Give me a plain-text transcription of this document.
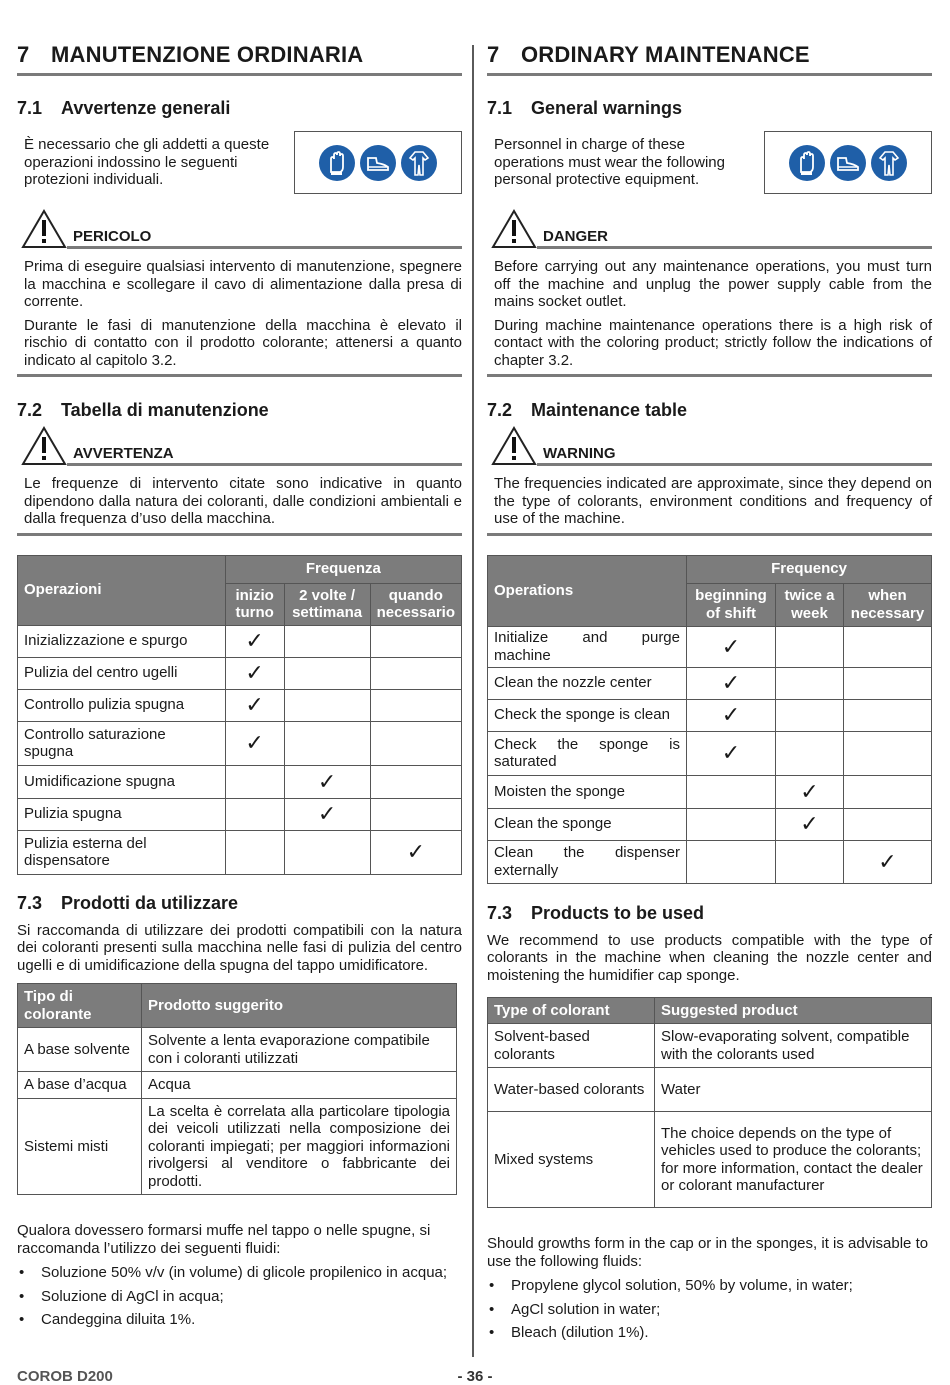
7 MANUTENZIONE ORDINARIA
7.1 Avvertenze generali
È necessario che gli addetti a queste operazioni indossino le seguenti protezioni individuali.
PERICOLO
Prima di eseguire qualsiasi intervento di manutenzione, spegnere la macchina e scollegare il cavo di alimentazione dalla presa di corrente.
Durante le fasi di manutenzione della macchina è elevato il rischio di contatto con il prodotto colorante; attenersi a quanto indicato al capitolo 3.2.
7.2 Tabella di manutenzione
AVVERTENZA
Le frequenze di intervento citate sono indicative in quanto dipendono dalla natura dei coloranti, dalle condizioni ambientali e dalla frequenza d’uso della macchina.
Operazioni	Frequenza		
	inizio turno	2 volte / settimana	quando necessario
Inizializzazione e spurgo	✓		
Pulizia del centro ugelli	✓		
Controllo pulizia spugna	✓		
Controllo saturazione spugna	✓		
Umidificazione spugna		✓	
Pulizia spugna		✓	
Pulizia esterna del dispensatore			✓
7.3 Prodotti da utilizzare
Si raccomanda di utilizzare dei prodotti compatibili con la natura dei coloranti presenti sulla macchina nelle fasi di pulizia del centro ugelli e di umidificazione della spugna del tappo umidificatore.
Tipo di colorante	Prodotto suggerito
A base solvente	Solvente a lenta evaporazione compatibile con i coloranti utilizzati
A base d’acqua	Acqua
Sistemi misti	La scelta è correlata alla particolare tipologia dei veicoli utilizzati nella composizione dei coloranti impiegati; per maggiori informazioni rivolgersi al venditore o fabbricante dei prodotti.
Qualora dovessero formarsi muffe nel tappo o nelle spugne, si raccomanda l’utilizzo dei seguenti fluidi:
• Soluzione 50% v/v (in volume) di glicole propilenico in acqua;
• Soluzione di AgCl in acqua;
• Candeggina diluita 1%.
7 ORDINARY MAINTENANCE
7.1 General warnings
Personnel in charge of these operations must wear the following personal protective equipment.
DANGER
Before carrying out any maintenance operations, you must turn off the machine and unplug the power supply cable from the mains socket outlet.
During machine maintenance operations there is a high risk of contact with the coloring product; strictly follow the indications of chapter 3.2.
7.2 Maintenance table
WARNING
The frequencies indicated are approximate, since they depend on the type of colorants, environment conditions and frequency of use of the machine.
Operations	Frequency		
	beginning of shift	twice a week	when necessary
Initialize and purge machine	✓		
Clean the nozzle center	✓		
Check the sponge is clean	✓		
Check the sponge is saturated	✓		
Moisten the sponge		✓	
Clean the sponge		✓	
Clean the dispenser externally			✓
7.3 Products to be used
We recommend to use products compatible with the type of colorants in the machine when cleaning the nozzle center and moistening the humidifier cap sponge.
Type of colorant	Suggested product
Solvent-based colorants	Slow-evaporating solvent, compatible with the colorants used
Water-based colorants	Water
Mixed systems	The choice depends on the type of vehicles used to produce the colorants; for more information, contact the dealer or colorant manufacturer
Should growths form in the cap or in the sponges, it is advisable to use the following fluids:
• Propylene glycol solution, 50% by volume, in water;
• AgCl solution in water;
• Bleach (dilution 1%).
COROB D200	- 36 -
